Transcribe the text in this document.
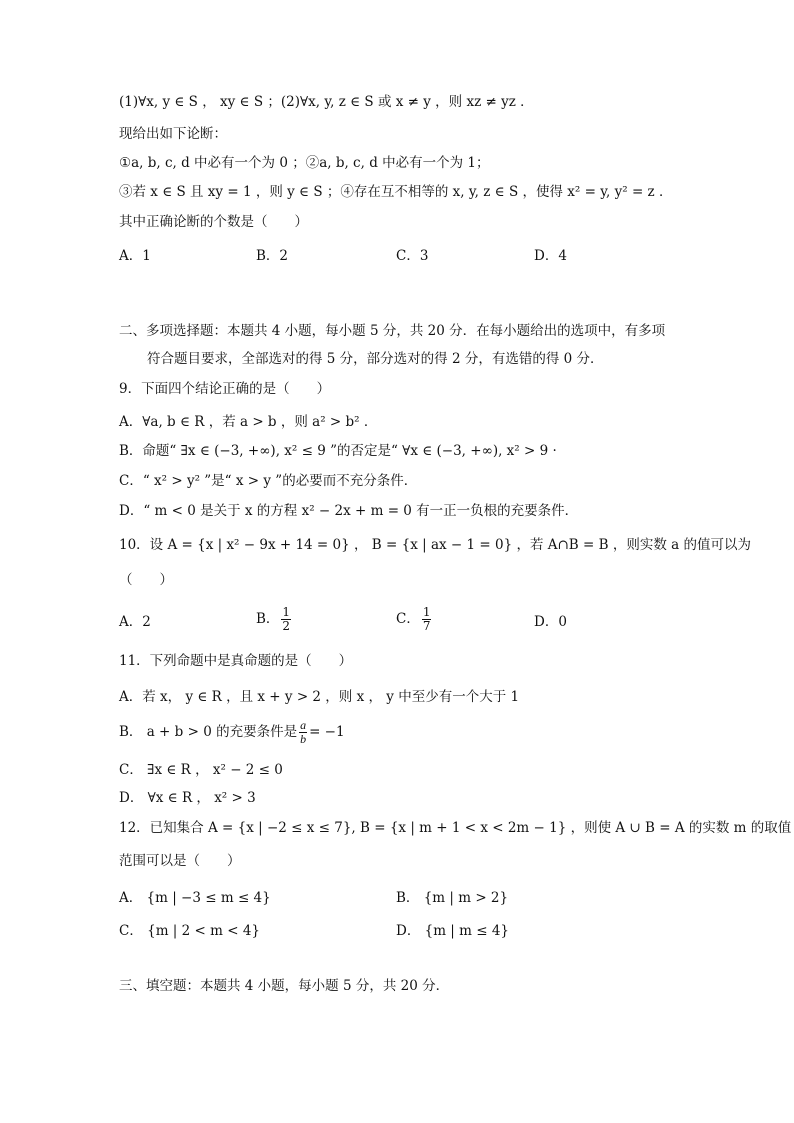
(1)∀x, y ∈ S ， xy ∈ S ；(2)∀x, y, z ∈ S 或 x ≠ y ，则 xz ≠ yz ．
现给出如下论断：
①a, b, c, d 中必有一个为 0 ；②a, b, c, d 中必有一个为 1；
③若 x ∈ S 且 xy = 1 ，则 y ∈ S ；④存在互不相等的 x, y, z ∈ S ，使得 x² = y, y² = z ．
其中正确论断的个数是（　　）
A．1	B．2	C．3	D．4
二、多项选择题：本题共 4 小题，每小题 5 分，共 20 分．在每小题给出的选项中，有多项
符合题目要求，全部选对的得 5 分，部分选对的得 2 分，有选错的得 0 分．
9．下面四个结论正确的是（　　）
A．∀a, b ∈ R ，若 a > b ，则 a² > b² ．
B．命题“ ∃x ∈ (−3, +∞), x² ≤ 9 ”的否定是“ ∀x ∈ (−3, +∞), x² > 9 ·
C．“ x² > y² ”是“ x > y ”的必要而不充分条件．
D．“ m < 0 是关于 x 的方程 x² − 2x + m = 0 有一正一负根的充要条件．
10．设 A = {x | x² − 9x + 14 = 0} ， B = {x | ax − 1 = 0} ，若 A∩B = B ，则实数 a 的值可以为
（　　）
A．2	B． $\frac{1}{2}$	C． $\frac{1}{7}$	D．0
11．下列命题中是真命题的是（　　）
A．若 x， y ∈ R ，且 x + y > 2 ，则 x ， y 中至少有一个大于 1
B． a + b > 0 的充要条件是 $\frac{a}{b} = -1$
C． ∃x ∈ R ， x² − 2 ≤ 0
D． ∀x ∈ R ， x² > 3
12．已知集合 A = {x | −2 ≤ x ≤ 7}, B = {x | m + 1 < x < 2m − 1} ，则使 A ∪ B = A 的实数 m 的取值
范围可以是（　　）
A． {m | −3 ≤ m ≤ 4}	B． {m | m > 2}
C． {m | 2 < m < 4}	D． {m | m ≤ 4}
三、填空题：本题共 4 小题，每小题 5 分，共 20 分．
